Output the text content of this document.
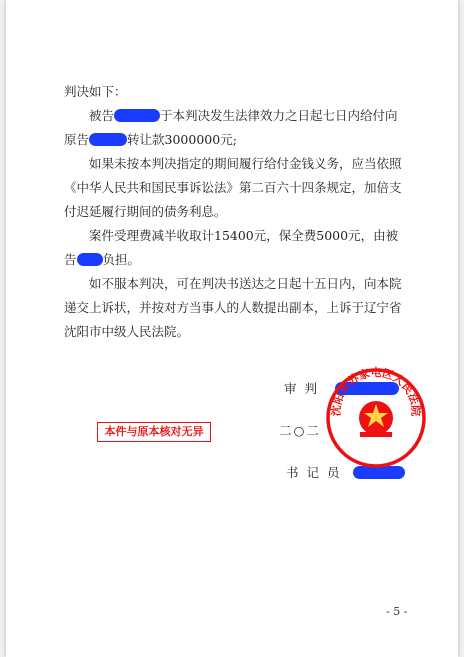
判决如下：

被告	于本判决发生法律效力之日起七日内给付向原告	转让款3000000元;

如果未按本判决指定的期间履行给付金钱义务，应当依照《中华人民共和国民事诉讼法》第二百六十四条规定，加倍支付迟延履行期间的债务利息。

案件受理费减半收取计15400元，保全费5000元，由被告 负担。

如不服本判决，可在判决书送达之日起十五日内，向本院递交上诉状，并按对方当事人的人数提出副本，上诉于辽宁省沈阳市中级人民法院。

审 判
二○二
书 记 员
沈阳市苏家屯区人民法院
本件与原本核对无异
- 5 -
